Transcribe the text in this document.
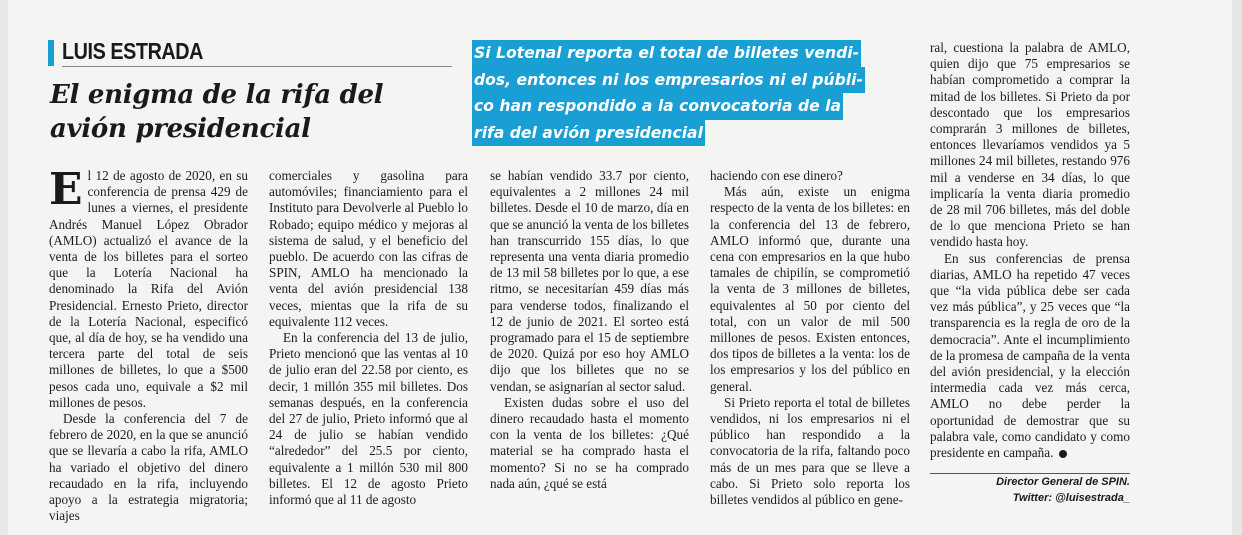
LUIS ESTRADA
El enigma de la rifa del
avión presidencial
Si Lotenal reporta el total de billetes vendi-
dos, entonces ni los empresarios ni el públi-
co han respondido a la convocatoria de la
rifa del avión presidencial

El 12 de agosto de 2020, en su conferencia de prensa 429 de lunes a viernes, el presidente Andrés Manuel López Obrador (AMLO) actualizó el avance de la venta de los billetes para el sorteo que la Lotería Nacional ha denominado la Rifa del Avión Presidencial. Ernesto Prieto, director de la Lotería Nacional, especificó que, al día de hoy, se ha vendido una tercera parte del total de seis millones de billetes, lo que a $500 pesos cada uno, equivale a $2 mil millones de pesos.

Desde la conferencia del 7 de febrero de 2020, en la que se anunció que se llevaría a cabo la rifa, AMLO ha variado el objetivo del dinero recaudado en la rifa, incluyendo apoyo a la estrategia migratoria; viajes

comerciales y gasolina para automóviles; financiamiento para el Instituto para Devolverle al Pueblo lo Robado; equipo médico y mejoras al sistema de salud, y el beneficio del pueblo. De acuerdo con las cifras de SPIN, AMLO ha mencionado la venta del avión presidencial 138 veces, mientas que la rifa de su equivalente 112 veces.

En la conferencia del 13 de julio, Prieto mencionó que las ventas al 10 de julio eran del 22.58 por ciento, es decir, 1 millón 355 mil billetes. Dos semanas después, en la conferencia del 27 de julio, Prieto informó que al 24 de julio se habían vendido “alrededor” del 25.5 por ciento, equivalente a 1 millón 530 mil 800 billetes. El 12 de agosto Prieto informó que al 11 de agosto

se habían vendido 33.7 por ciento, equivalentes a 2 millones 24 mil billetes. Desde el 10 de marzo, día en que se anunció la venta de los billetes han transcurrido 155 días, lo que representa una venta diaria promedio de 13 mil 58 billetes por lo que, a ese ritmo, se necesitarían 459 días más para venderse todos, finalizando el 12 de junio de 2021. El sorteo está programado para el 15 de septiembre de 2020. Quizá por eso hoy AMLO dijo que los billetes que no se vendan, se asignarían al sector salud.

Existen dudas sobre el uso del dinero recaudado hasta el momento con la venta de los billetes: ¿Qué material se ha comprado hasta el momento? Si no se ha comprado nada aún, ¿qué se está

haciendo con ese dinero?

Más aún, existe un enigma respecto de la venta de los billetes: en la conferencia del 13 de febrero, AMLO informó que, durante una cena con empresarios en la que hubo tamales de chipilín, se comprometió la venta de 3 millones de billetes, equivalentes al 50 por ciento del total, con un valor de mil 500 millones de pesos. Existen entonces, dos tipos de billetes a la venta: los de los empresarios y los del público en general.

Si Prieto reporta el total de billetes vendidos, ni los empresarios ni el público han respondido a la convocatoria de la rifa, faltando poco más de un mes para que se lleve a cabo. Si Prieto solo reporta los billetes vendidos al público en gene-

ral, cuestiona la palabra de AMLO, quien dijo que 75 empresarios se habían comprometido a comprar la mitad de los billetes. Si Prieto da por descontado que los empresarios comprarán 3 millones de billetes, entonces llevaríamos vendidos ya 5 millones 24 mil billetes, restando 976 mil a venderse en 34 días, lo que implicaría la venta diaria promedio de 28 mil 706 billetes, más del doble de lo que menciona Prieto se han vendido hasta hoy.

En sus conferencias de prensa diarias, AMLO ha repetido 47 veces que “la vida pública debe ser cada vez más pública”, y 25 veces que “la transparencia es la regla de oro de la democracia”. Ante el incumplimiento de la promesa de campaña de la venta del avión presidencial, y la elección intermedia cada vez más cerca, AMLO no debe perder la oportunidad de demostrar que su palabra vale, como candidato y como presidente en campaña.

Director General de SPIN.
Twitter: @luisestrada_
